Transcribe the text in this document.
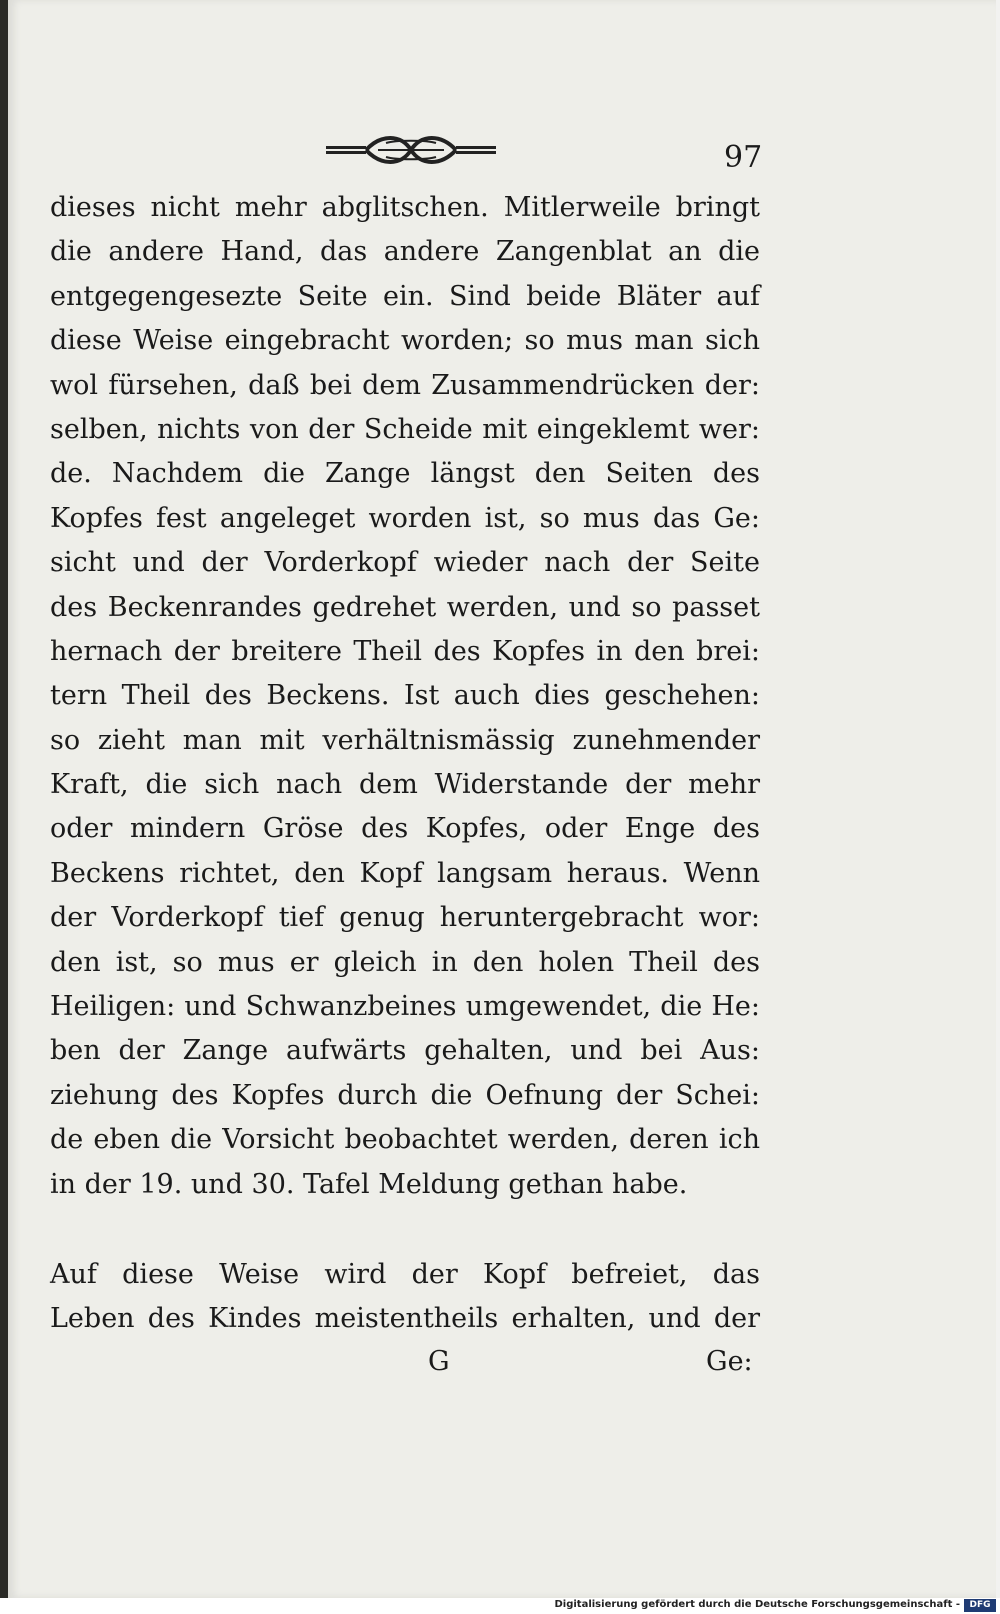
97
dieses nicht mehr abglitschen. Mitlerweile bringt
die andere Hand, das andere Zangenblat an die
entgegengesezte Seite ein. Sind beide Bläter auf
diese Weise eingebracht worden; so mus man sich
wol fürsehen, daß bei dem Zusammendrücken der:
selben, nichts von der Scheide mit eingeklemt wer:
de. Nachdem die Zange längst den Seiten des
Kopfes fest angeleget worden ist, so mus das Ge:
sicht und der Vorderkopf wieder nach der Seite
des Beckenrandes gedrehet werden, und so passet
hernach der breitere Theil des Kopfes in den brei:
tern Theil des Beckens. Ist auch dies geschehen:
so zieht man mit verhältnismässig zunehmender
Kraft, die sich nach dem Widerstande der mehr
oder mindern Gröse des Kopfes, oder Enge des
Beckens richtet, den Kopf langsam heraus. Wenn
der Vorderkopf tief genug heruntergebracht wor:
den ist, so mus er gleich in den holen Theil des
Heiligen: und Schwanzbeines umgewendet, die He:
ben der Zange aufwärts gehalten, und bei Aus:
ziehung des Kopfes durch die Oefnung der Schei:
de eben die Vorsicht beobachtet werden, deren ich
in der 19. und 30. Tafel Meldung gethan habe.
Auf diese Weise wird der Kopf befreiet, das
Leben des Kindes meistentheils erhalten, und der
G	Ge:
Digitalisierung gefördert durch die Deutsche Forschungsgemeinschaft -	DFG
